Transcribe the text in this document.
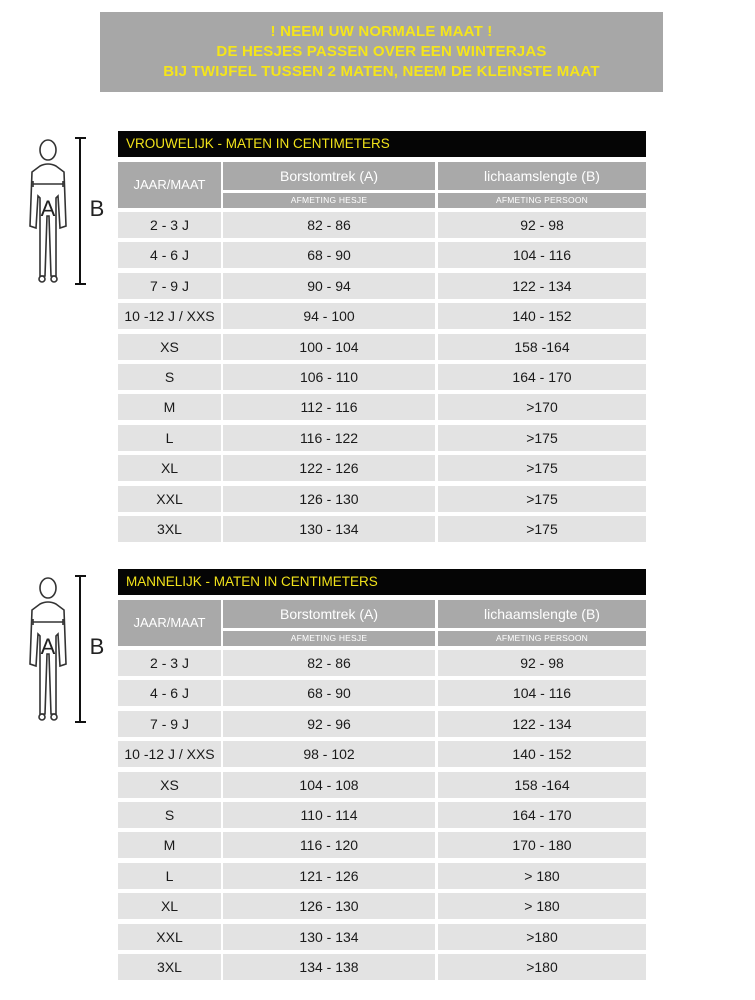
! NEEM UW NORMALE MAAT !
DE HESJES PASSEN OVER EEN WINTERJAS
BIJ TWIJFEL TUSSEN 2 MATEN, NEEM DE KLEINSTE MAAT
A B
VROUWELIJK - MATEN IN CENTIMETERS
JAAR/MAAT
Borstomtrek (A)
AFMETING HESJE
lichaamslengte (B)
AFMETING PERSOON
2 - 3 J	82 - 86	92 - 98
4 - 6 J	68 - 90	104 - 116
7 - 9 J	90 - 94	122 - 134
10 -12 J / XXS	94 - 100	140 - 152
XS	100 - 104	158 -164
S	106 - 110	164 - 170
M	112 - 116	>170
L	116 - 122	>175
XL	122 - 126	>175
XXL	126 - 130	>175
3XL	130 - 134	>175
A B
MANNELIJK - MATEN IN CENTIMETERS
JAAR/MAAT
Borstomtrek (A)
AFMETING HESJE
lichaamslengte (B)
AFMETING PERSOON
2 - 3 J	82 - 86	92 - 98
4 - 6 J	68 - 90	104 - 116
7 - 9 J	92 - 96	122 - 134
10 -12 J / XXS	98 - 102	140 - 152
XS	104 - 108	158 -164
S	110 - 114	164 - 170
M	116 - 120	170 - 180
L	121 - 126	> 180
XL	126 - 130	> 180
XXL	130 - 134	>180
3XL	134 - 138	>180
